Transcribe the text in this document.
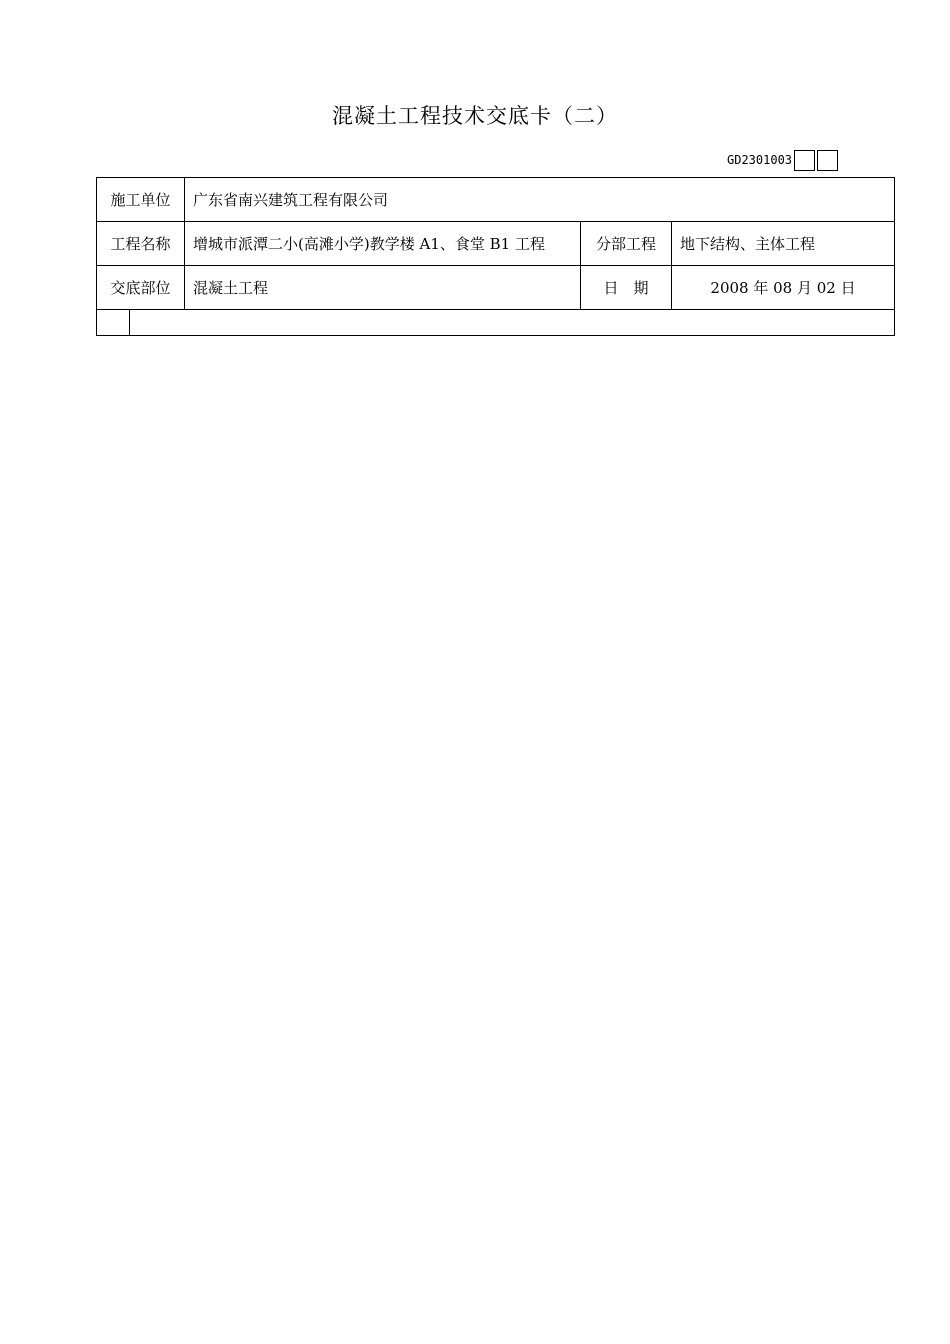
混凝土工程技术交底卡（二）
GD2301003
施工单位		广东省南兴建筑工程有限公司		
工程名称		增城市派潭二小(高滩小学)教学楼 A1、食堂 B1 工程	分部工程	地下结构、主体工程
交底部位		混凝土工程	日　期	2008 年 08 月 02 日
